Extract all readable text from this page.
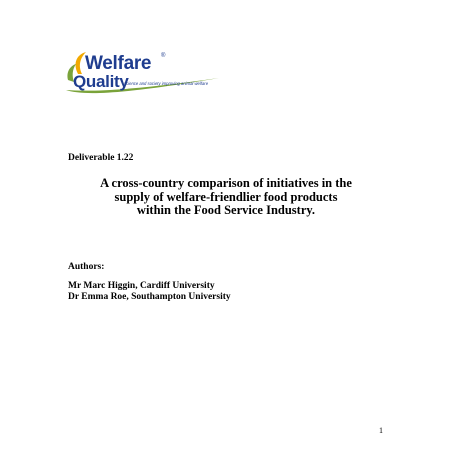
Welfare ®
Quality
science and society improving animal welfare
Deliverable 1.22
A cross-country comparison of initiatives in the
supply of welfare-friendlier food products
within the Food Service Industry.
Authors:
Mr Marc Higgin, Cardiff University
Dr Emma Roe, Southampton University
1
